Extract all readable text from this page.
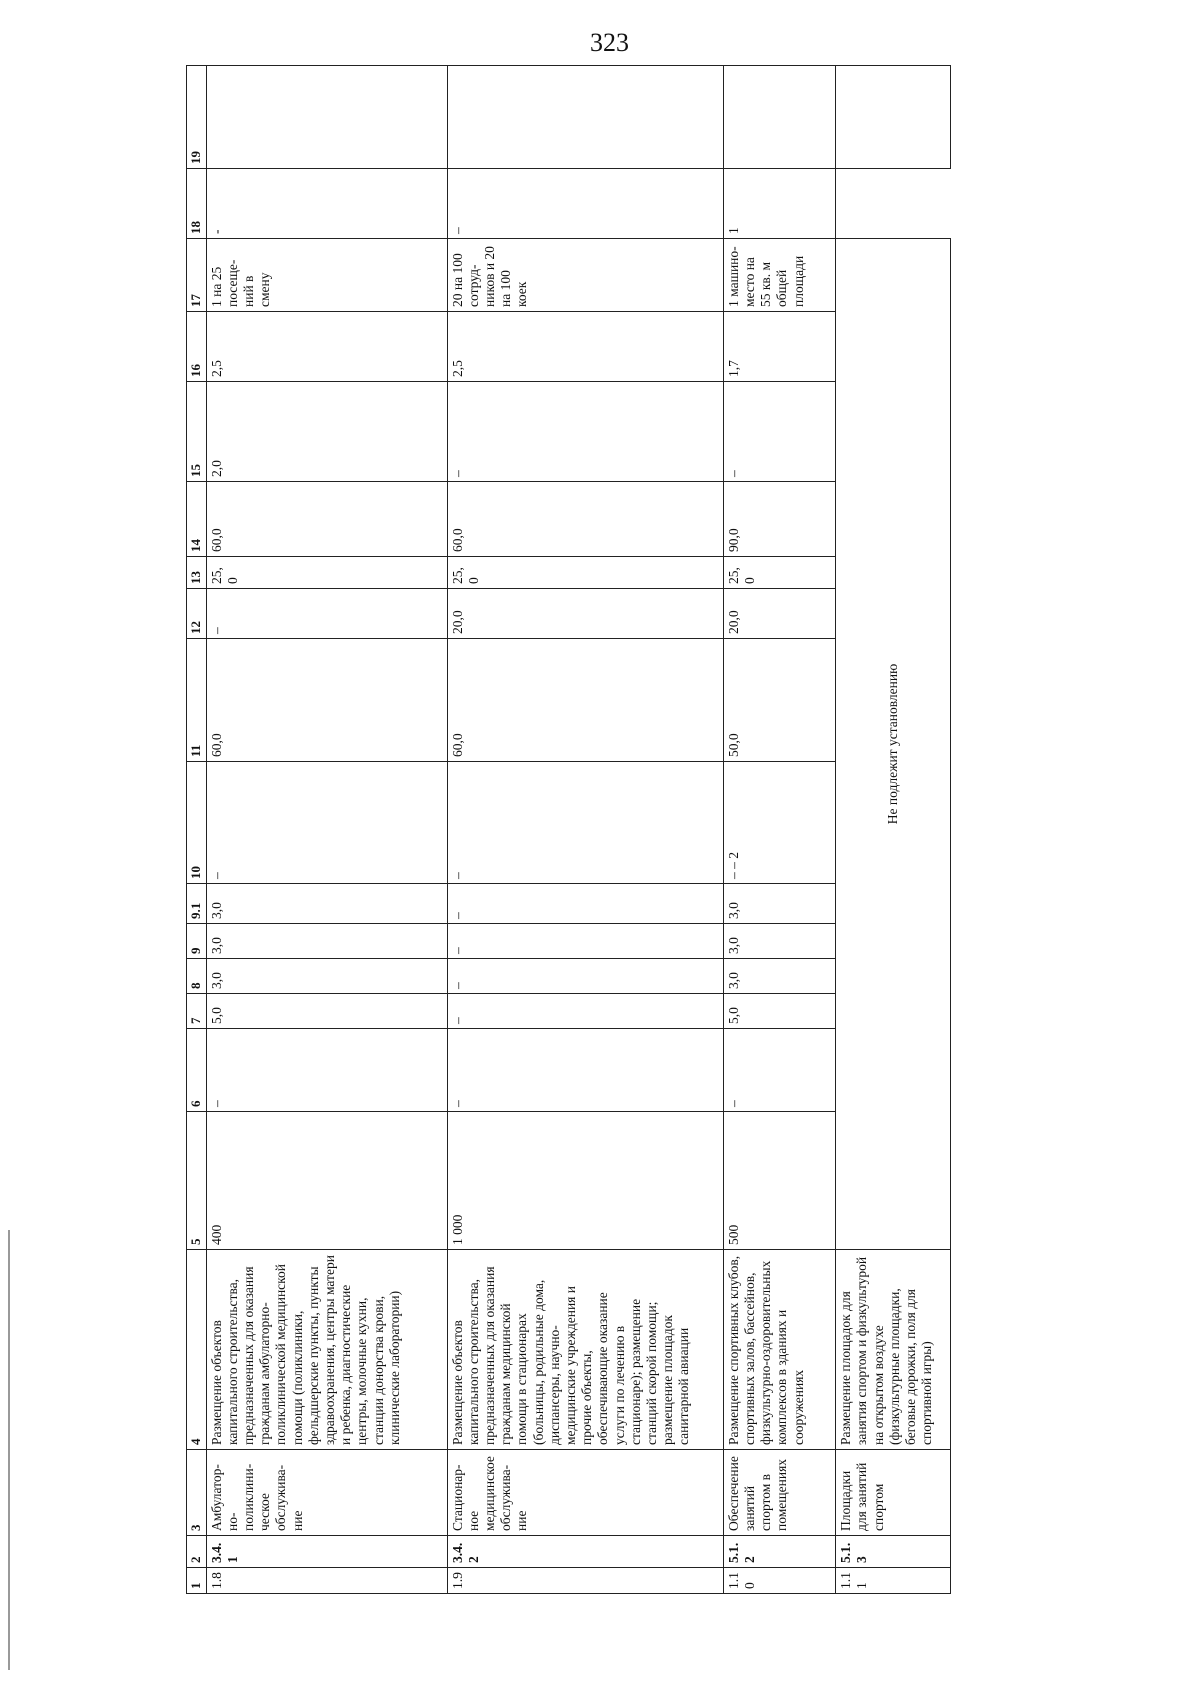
323
1	2	3	4	5	6	7	8	9	9.1	10	11	12	13	14	15	16	17	18	19
1.8	3.4.1	Амбулатор-но-поликлини-ческое обслужива-ние	Размещение объектов капитального строительства, предназначенных для оказания гражданам амбулаторно-поликлинической медицинской помощи (поликлиники, фельдшерские пункты, пункты здравоохранения, центры матери и ребенка, диагностические центры, молочные кухни, станции донорства крови, клинические лаборатории)	400	–	5,0	3,0	3,0	3,0	–	60,0	–	25,0	60,0	2,0	2,5	1 на 25 посеще-ний в смену	-	
1.9	3.4.2	Стационар-ное медицинское обслужива-ние	Размещение объектов капитального строительства, предназначенных для оказания гражданам медицинской помощи в стационарах (больницы, родильные дома, диспансеры, научно-медицинские учреждения и прочие объекты, обеспечивающие оказание услуги по лечению в стационаре); размещение станций скорой помощи; размещение площадок санитарной авиации	1 000	–	–	–	–	–	–	60,0	20,0	25,0	60,0	–	2,5	20 на 100 сотруд-ников и 20 на 100 коек	–	
1.10	5.1.2	Обеспечение занятий спортом в помещениях	Размещение спортивных клубов, спортивных залов, бассейнов, физкультурно-оздоровительных комплексов в зданиях и сооружениях	500	–	5,0	3,0	3,0	3,0	– – 2	50,0	20,0	25,0	90,0	–	1,7	1 машино-место на 55 кв. м общей площади	1	
1.11	5.1.3	Площадки для занятий спортом	Размещение площадок для занятия спортом и физкультурой на открытом воздухе (физкультурные площадки, беговые дорожки, поля для спортивной игры)	Не подлежит установлению															
